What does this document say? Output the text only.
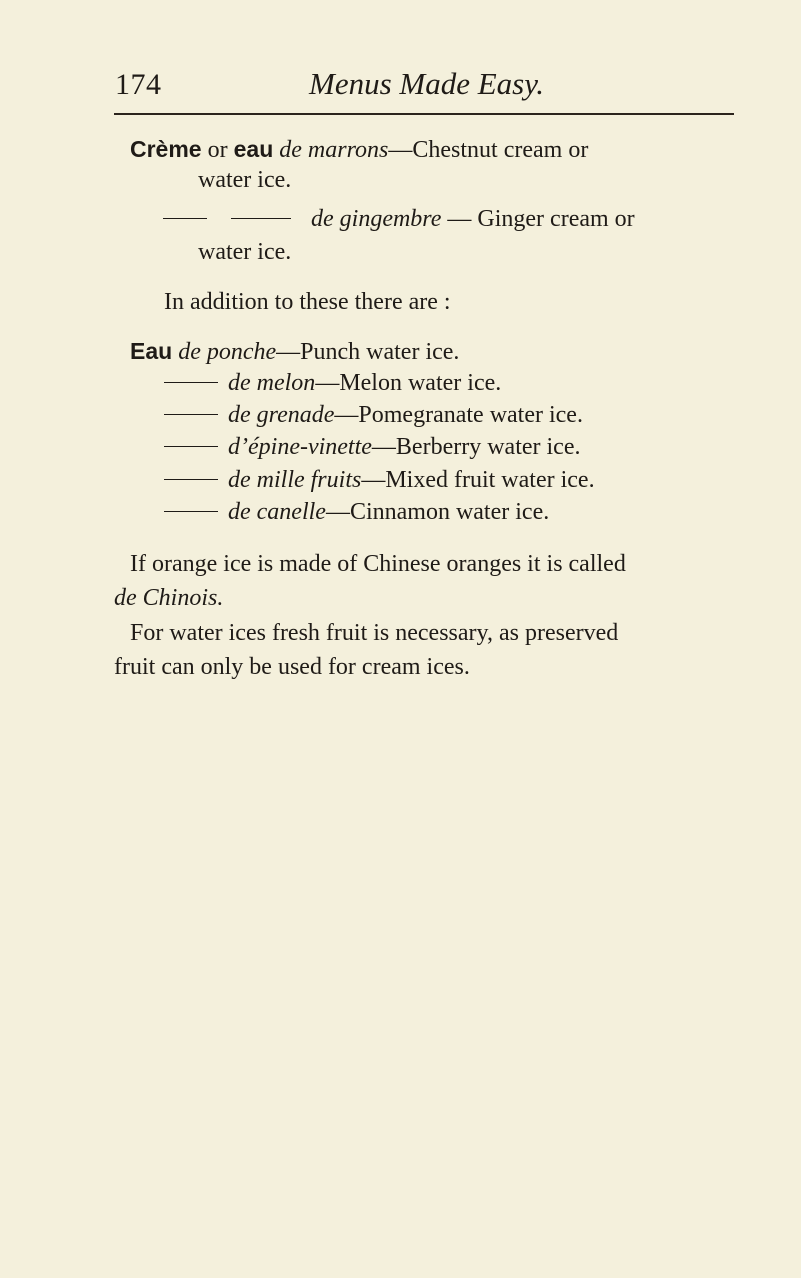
174	Menus Made Easy.
Crème or eau de marrons—Chestnut cream or
water ice.
de gingembre — Ginger cream or
water ice.
In addition to these there are :
Eau de ponche—Punch water ice.
de melon—Melon water ice.
de grenade—Pomegranate water ice.
d’épine-vinette—Berberry water ice.
de mille fruits—Mixed fruit water ice.
de canelle—Cinnamon water ice.
If orange ice is made of Chinese oranges it is called
de Chinois.
For water ices fresh fruit is necessary, as preserved
fruit can only be used for cream ices.
